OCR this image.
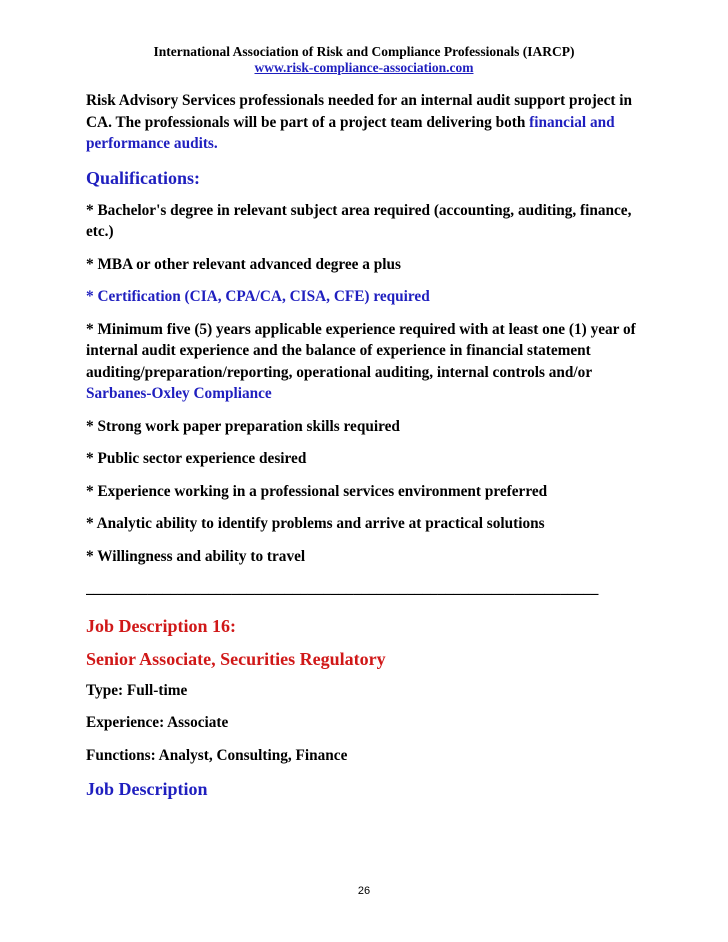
International Association of Risk and Compliance Professionals (IARCP)
www.risk-compliance-association.com

Risk Advisory Services professionals needed for an internal audit support project in CA. The professionals will be part of a project team delivering both financial and performance audits.

Qualifications:

* Bachelor's degree in relevant subject area required (accounting, auditing, finance, etc.)

* MBA or other relevant advanced degree a plus

* Certification (CIA, CPA/CA, CISA, CFE) required

* Minimum five (5) years applicable experience required with at least one (1) year of internal audit experience and the balance of experience in financial statement auditing/preparation/reporting, operational auditing, internal controls and/or Sarbanes-Oxley Compliance

* Strong work paper preparation skills required

* Public sector experience desired

* Experience working in a professional services environment preferred

* Analytic ability to identify problems and arrive at practical solutions

* Willingness and ability to travel

___________________________________________________________________
Job Description 16:
Senior Associate, Securities Regulatory

Type: Full-time

Experience: Associate

Functions: Analyst, Consulting, Finance

Job Description
26
